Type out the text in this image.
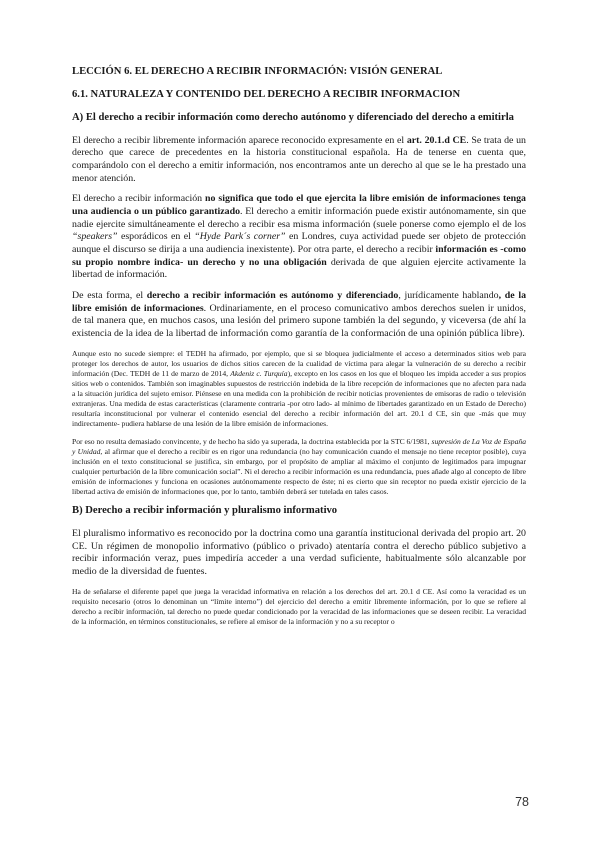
LECCIÓN 6. EL DERECHO A RECIBIR INFORMACIÓN: VISIÓN GENERAL
6.1. NATURALEZA Y CONTENIDO DEL DERECHO A RECIBIR INFORMACION
A) El derecho a recibir información como derecho autónomo y diferenciado del derecho a emitirla

El derecho a recibir libremente información aparece reconocido expresamente en el art. 20.1.d CE. Se trata de un derecho que carece de precedentes en la historia constitucional española. Ha de tenerse en cuenta que, comparándolo con el derecho a emitir información, nos encontramos ante un derecho al que se le ha prestado una menor atención.

El derecho a recibir información no significa que todo el que ejercita la libre emisión de informaciones tenga una audiencia o un público garantizado. El derecho a emitir información puede existir autónomamente, sin que nadie ejercite simultáneamente el derecho a recibir esa misma información (suele ponerse como ejemplo el de los “speakers” esporádicos en el “Hyde Park´s corner” en Londres, cuya actividad puede ser objeto de protección aunque el discurso se dirija a una audiencia inexistente). Por otra parte, el derecho a recibir información es -como su propio nombre indica- un derecho y no una obligación derivada de que alguien ejercite activamente la libertad de información.

De esta forma, el derecho a recibir información es autónomo y diferenciado, jurídicamente hablando, de la libre emisión de informaciones. Ordinariamente, en el proceso comunicativo ambos derechos suelen ir unidos, de tal manera que, en muchos casos, una lesión del primero supone también la del segundo, y viceversa (de ahí la existencia de la idea de la libertad de información como garantía de la conformación de una opinión pública libre).

Aunque esto no sucede siempre: el TEDH ha afirmado, por ejemplo, que si se bloquea judicialmente el acceso a determinados sitios web para proteger los derechos de autor, los usuarios de dichos sitios carecen de la cualidad de víctima para alegar la vulneración de su derecho a recibir información (Dec. TEDH de 11 de marzo de 2014, Akdeniz c. Turquía), excepto en los casos en los que el bloqueo les impida acceder a sus propios sitios web o contenidos. También son imaginables supuestos de restricción indebida de la libre recepción de informaciones que no afecten para nada a la situación jurídica del sujeto emisor. Piénsese en una medida con la prohibición de recibir noticias provenientes de emisoras de radio o televisión extranjeras. Una medida de estas características (claramente contraria -por otro lado- al mínimo de libertades garantizado en un Estado de Derecho) resultaría inconstitucional por vulnerar el contenido esencial del derecho a recibir información del art. 20.1 d CE, sin que -más que muy indirectamente- pudiera hablarse de una lesión de la libre emisión de informaciones.

Por eso no resulta demasiado convincente, y de hecho ha sido ya superada, la doctrina establecida por la STC 6/1981, supresión de La Voz de España y Unidad, al afirmar que el derecho a recibir es en rigor una redundancia (no hay comunicación cuando el mensaje no tiene receptor posible), cuya inclusión en el texto constitucional se justifica, sin embargo, por el propósito de ampliar al máximo el conjunto de legitimados para impugnar cualquier perturbación de la libre comunicación social”. Ni el derecho a recibir información es una redundancia, pues añade algo al concepto de libre emisión de informaciones y funciona en ocasiones autónomamente respecto de éste; ni es cierto que sin receptor no pueda existir ejercicio de la libertad activa de emisión de informaciones que, por lo tanto, también deberá ser tutelada en tales casos.

B) Derecho a recibir información y pluralismo informativo

El pluralismo informativo es reconocido por la doctrina como una garantía institucional derivada del propio art. 20 CE. Un régimen de monopolio informativo (público o privado) atentaría contra el derecho público subjetivo a recibir información veraz, pues impediría acceder a una verdad suficiente, habitualmente sólo alcanzable por medio de la diversidad de fuentes.

Ha de señalarse el diferente papel que juega la veracidad informativa en relación a los derechos del art. 20.1 d CE. Así como la veracidad es un requisito necesario (otros lo denominan un “límite interno”) del ejercicio del derecho a emitir libremente información, por lo que se refiere al derecho a recibir información, tal derecho no puede quedar condicionado por la veracidad de las informaciones que se deseen recibir. La veracidad de la información, en términos constitucionales, se refiere al emisor de la información y no a su receptor o

78
